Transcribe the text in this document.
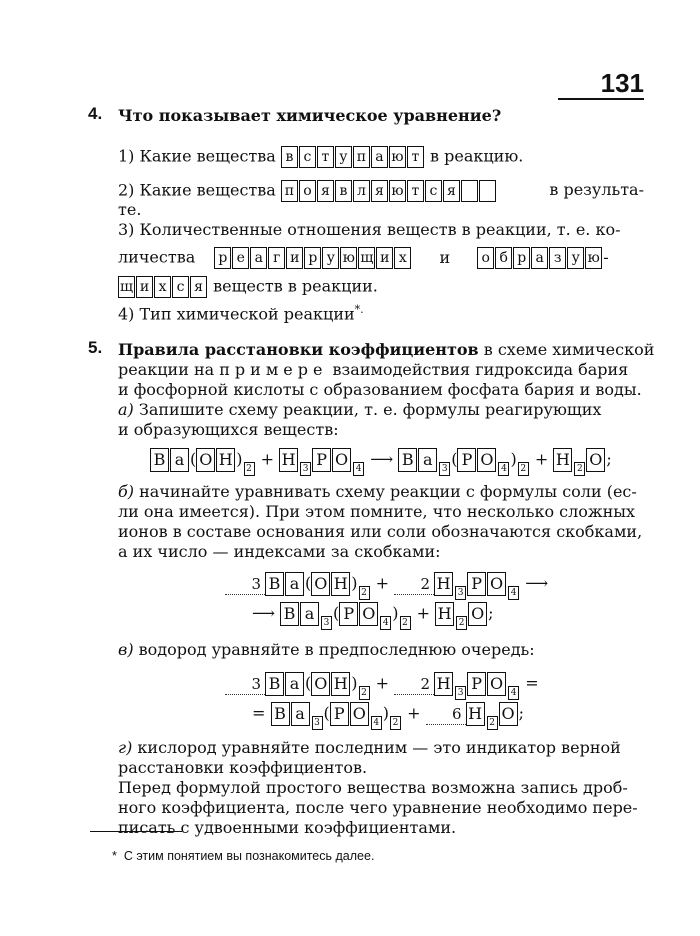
131
4. Что показывает химическое уравнение?
1) Какие вещества в с т у п а ю т в реакцию.
2) Какие вещества п о я в л я ю т с я	в результа-
те.
3) Количественные отношения веществ в реакции, т. е. ко-
личества р е а г и р у ю щ и х и о б р а з у ю -
щ и х с я веществ в реакции.
4) Тип химической реакции*.
5. Правила расстановки коэффициентов в схеме химической
реакции на примере взаимодействия гидроксида бария
и фосфорной кислоты с образованием фосфата бария и воды.
а) Запишите схему реакции, т. е. формулы реагирующих
и образующихся веществ:
B a ( O H ) 2 + H 3 P O 4 ⟶ B a 3 ( P O 4 ) 2 + H 2 O ;
б) начинайте уравнивать схему реакции с формулы соли (ес-
ли она имеется). При этом помните, что несколько сложных
ионов в составе основания или соли обозначаются скобками,
а их число — индексами за скобками:
3 B a ( O H ) 2 + 2 H 3 P O 4 ⟶
⟶ B a 3 ( P O 4 ) 2 + H 2 O ;
в) водород уравняйте в предпоследнюю очередь:
3 B a ( O H ) 2 + 2 H 3 P O 4 =
= B a 3 ( P O 4 ) 2 + 6 H 2 O ;
г) кислород уравняйте последним — это индикатор верной
расстановки коэффициентов.
Перед формулой простого вещества возможна запись дроб-
ного коэффициента, после чего уравнение необходимо пере-
писать с удвоенными коэффициентами.
* С этим понятием вы познакомитесь далее.
